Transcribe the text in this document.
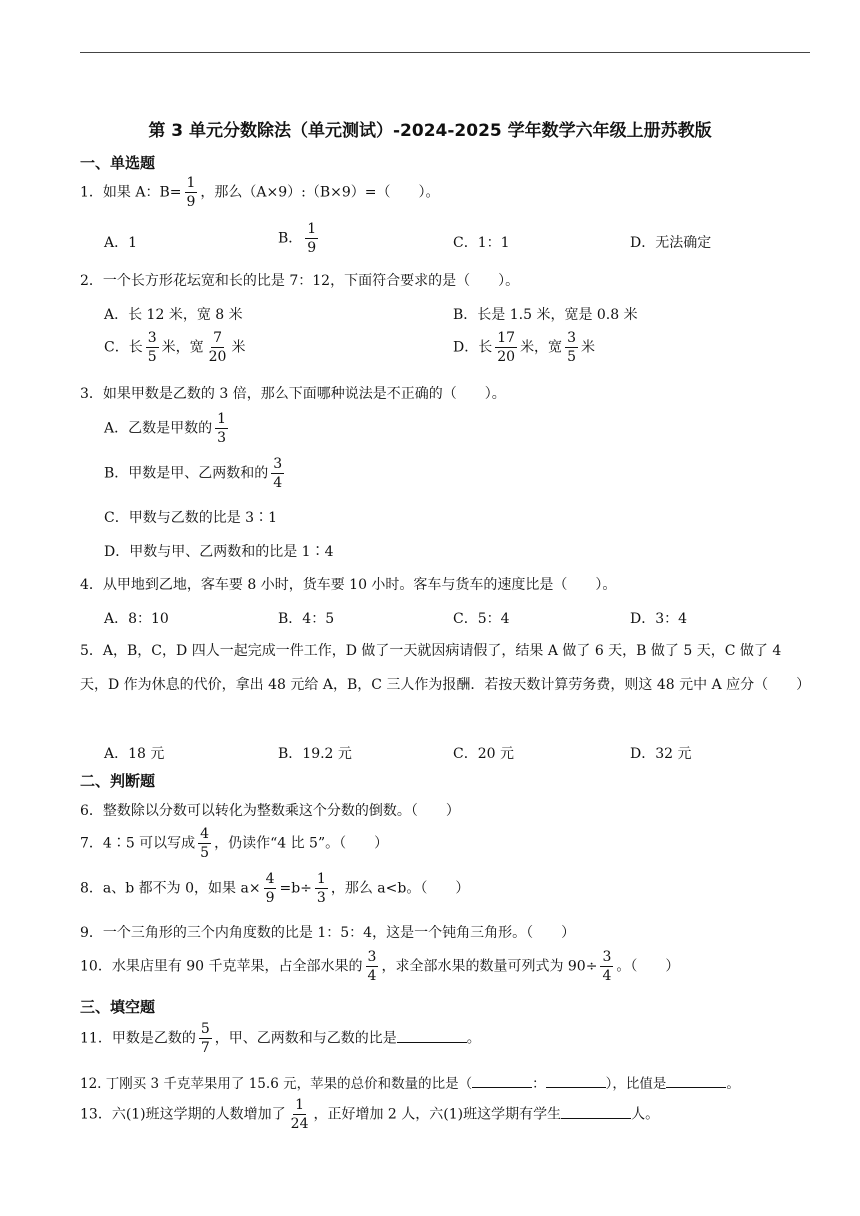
第 3 单元分数除法（单元测试）-2024-2025 学年数学六年级上册苏教版
一、单选题
1．如果 A：$B= \frac{1}{9}$ ，那么（A×9）:（B×9）=（　　）。
A．1	B． $\frac{1}{9}$	C．1：1	D．无法确定
2．一个长方形花坛宽和长的比是 7：12，下面符合要求的是（　　）。
A．长 12 米，宽 8 米	B．长是 1.5 米，宽是 0.8 米
C．长 $\frac{3}{5}$ 米，宽 $\frac{7}{20}$ 米	D．长 $\frac{17}{20}$ 米，宽 $\frac{3}{5}$ 米
3．如果甲数是乙数的 3 倍，那么下面哪种说法是不正确的（　　）。
A．乙数是甲数的 $\frac{1}{3}$
B．甲数是甲、乙两数和的 $\frac{3}{4}$
C．甲数与乙数的比是 3∶1
D．甲数与甲、乙两数和的比是 1∶4
4．从甲地到乙地，客车要 8 小时，货车要 10 小时。客车与货车的速度比是（　　）。
A．8：10	B．4：5	C．5：4	D．3：4
5．A，B，C，D 四人一起完成一件工作，D 做了一天就因病请假了，结果 A 做了 6 天，B 做了 5 天，C 做了 4 天，D 作为休息的代价，拿出 48 元给 A，B，C 三人作为报酬．若按天数计算劳务费，则这 48 元中 A 应分（　　）
A．18 元	B．19.2 元	C．20 元	D．32 元
二、判断题
6．整数除以分数可以转化为整数乘这个分数的倒数。（　　）
7．4∶5 可以写成 $\frac{4}{5}$ ，仍读作“4 比 5”。（　　）
8．a、b 都不为 0，如果 $a\times \frac{4}{9} =b\div \frac{1}{3}$ ，那么 a<b。（　　）
9．一个三角形的三个内角度数的比是 1：5：4，这是一个钝角三角形。（　　）
10．水果店里有 90 千克苹果，占全部水果的 $\frac{3}{4}$ ，求全部水果的数量可列式为 $90\div \frac{3}{4}$ 。（　　）
三、填空题
11．甲数是乙数的 $\frac{5}{7}$ ，甲、乙两数和与乙数的比是	。
12. 丁刚买 3 千克苹果用了 15.6 元，苹果的总价和数量的比是（	：	），比值是	。
13．六(1)班这学期的人数增加了 $\frac{1}{24}$ ，正好增加 2 人，六(1)班这学期有学生	人。
